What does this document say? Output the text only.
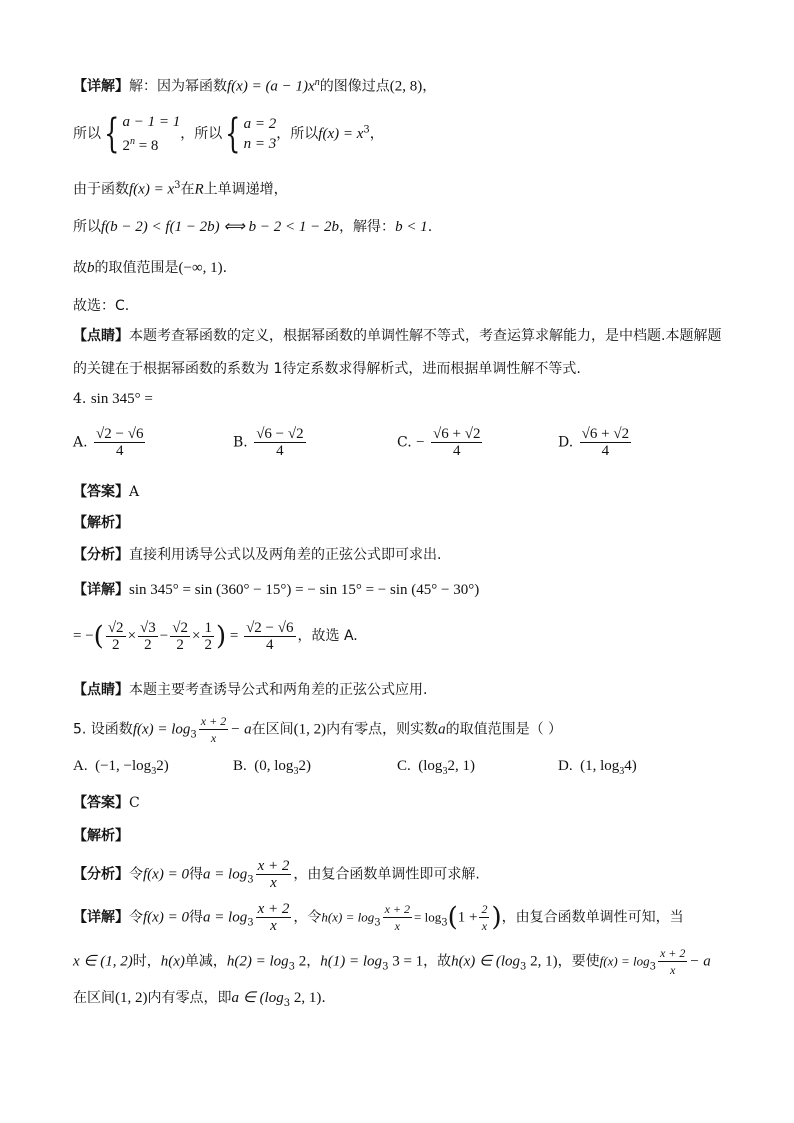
【详解】解：因为幂函数$f(x) = (a - 1)x^n$的图像过点(2, 8)，
所以{ a − 1 = 1
$2^n = 8$，所以{ a = 2
n = 3，所以$f(x) = x^3$，
由于函数$f(x) = x^3$在R上单调递增，
所以f(b − 2) < f(1 − 2b) ⟺ b − 2 < 1 − 2b，解得：b < 1.
故b的取值范围是(−∞, 1).
故选：C.
【点睛】本题考查幂函数的定义，根据幂函数的单调性解不等式，考查运算求解能力，是中档题.本题解题
的关键在于根据幂函数的系数为 1待定系数求得解析式，进而根据单调性解不等式.
4. sin 345° =
A. $\frac{√2 - √6}{4}$	B. $\frac{√6 - √2}{4}$	C. − $\frac{√6 + √2}{4}$	D. $\frac{√6 + √2}{4}$
【答案】A
【解析】
【分析】直接利用诱导公式以及两角差的正弦公式即可求出.
【详解】sin 345° = sin (360° − 15°) = − sin 15° = − sin (45° − 30°)
= −( $\frac{√2}{2} \times \frac{√3}{2} - \frac{√2}{2} \times \frac{1}{2}$ ) = $\frac{√2 - √6}{4}$ ，故选 A.
【点睛】本题主要考查诱导公式和两角差的正弦公式应用.
5. 设函数$f(x) = \log_3 \frac{x + 2}{x} - a$在区间(1, 2)内有零点，则实数a的取值范围是（ ）
A. (−1, $-\log_32$)	B. (0, $\log_32$)	C. ($\log_32$, 1)	D. (1, $\log_34$)
【答案】C
【解析】
【分析】令f(x) = 0得$a = \log_3 \frac{x + 2}{x}$ ，由复合函数单调性即可求解.
【详解】令f(x) = 0得$a = \log_3 \frac{x + 2}{x}$ ，令$h(x) = \log_3 \frac{x + 2}{x} = \log_3(1 + \frac{2}{x}$ )，由复合函数单调性可知，当
x ∈ (1, 2)时，h(x)单减，$h(2) = \log_3 2$，$h(1) = \log_3 3 = 1$，故h(x) ∈ ($\log_3$ 2, 1)，要使$f(x) = \log_3 \frac{x + 2}{x} - a$
在区间(1, 2)内有零点，即a ∈ ($\log_3$ 2, 1).
